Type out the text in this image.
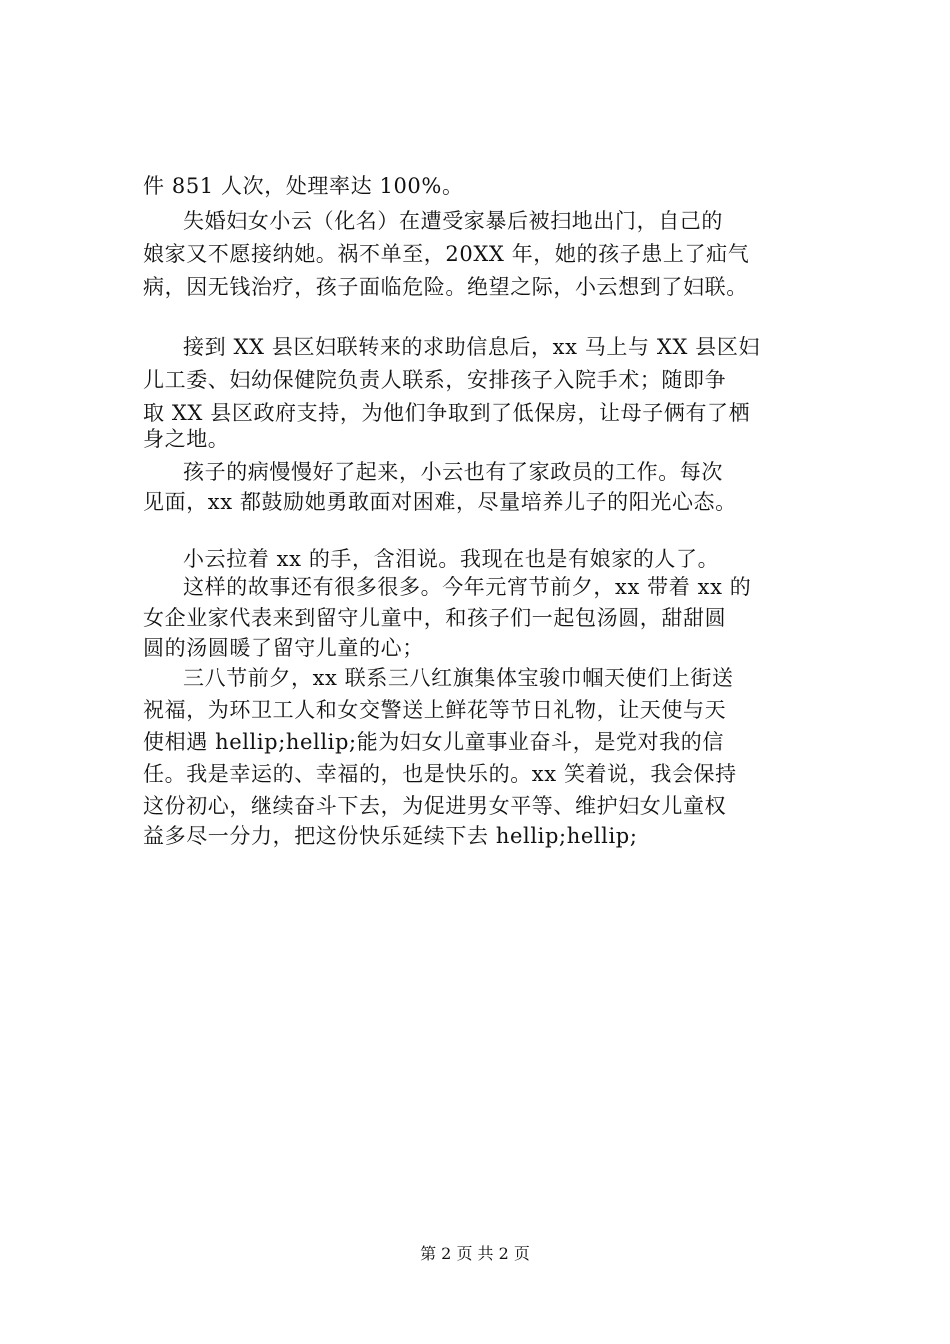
件 851 人次，处理率达 100%。

失婚妇女小云（化名）在遭受家暴后被扫地出门，自己的

娘家又不愿接纳她。祸不单至，20XX 年，她的孩子患上了疝气

病，因无钱治疗，孩子面临危险。绝望之际，小云想到了妇联。

接到 XX 县区妇联转来的求助信息后，xx 马上与 XX 县区妇

儿工委、妇幼保健院负责人联系，安排孩子入院手术；随即争

取 XX 县区政府支持，为他们争取到了低保房，让母子俩有了栖

身之地。

孩子的病慢慢好了起来，小云也有了家政员的工作。每次

见面，xx 都鼓励她勇敢面对困难，尽量培养儿子的阳光心态。

小云拉着 xx 的手，含泪说。我现在也是有娘家的人了。

这样的故事还有很多很多。今年元宵节前夕，xx 带着 xx 的

女企业家代表来到留守儿童中，和孩子们一起包汤圆，甜甜圆

圆的汤圆暖了留守儿童的心；

三八节前夕，xx 联系三八红旗集体宝骏巾帼天使们上街送

祝福，为环卫工人和女交警送上鲜花等节日礼物，让天使与天

使相遇 hellip;hellip;能为妇女儿童事业奋斗，是党对我的信

任。我是幸运的、幸福的，也是快乐的。xx 笑着说，我会保持

这份初心，继续奋斗下去，为促进男女平等、维护妇女儿童权

益多尽一分力，把这份快乐延续下去 hellip;hellip;

第 2 页 共 2 页
